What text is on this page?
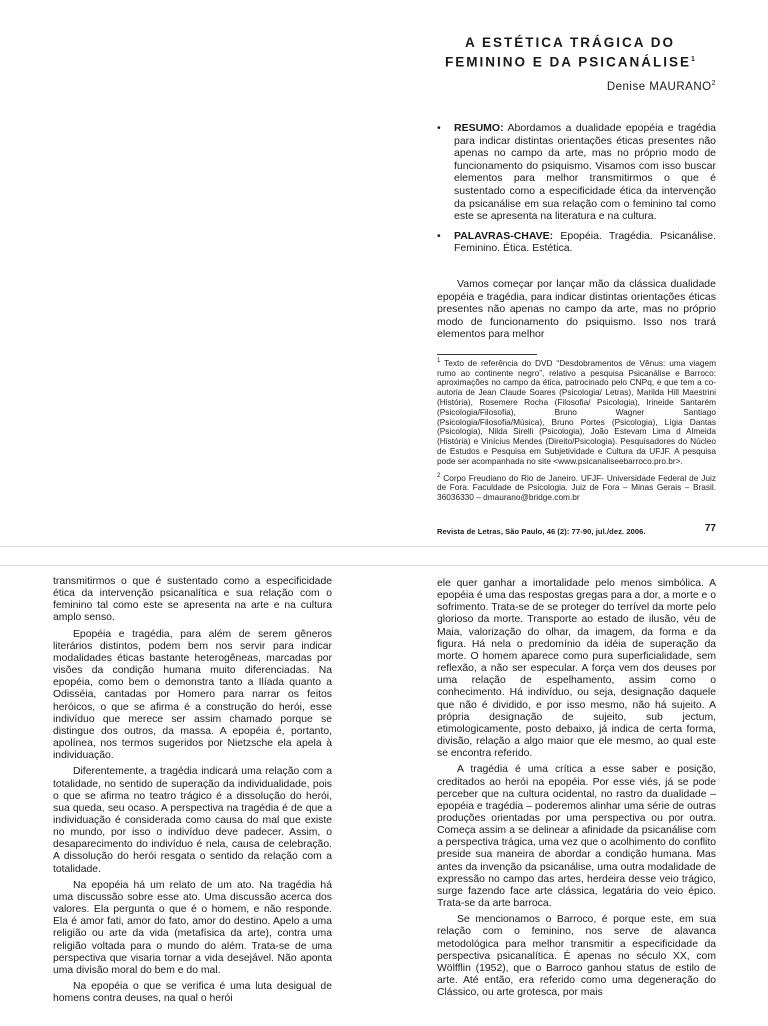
A ESTÉTICA TRÁGICA DO
FEMININO E DA PSICANÁLISE$^1$
Denise MAURANO$^2$

• RESUMO: Abordamos a dualidade epopéia e tragédia para indicar distintas orientações éticas presentes não apenas no campo da arte, mas no próprio modo de funcionamento do psiquismo. Visamos com isso buscar elementos para melhor transmitirmos o que é sustentado como a especificidade ética da intervenção da psicanálise em sua relação com o feminino tal como este se apresenta na literatura e na cultura.

• PALAVRAS-CHAVE: Epopéia. Tragédia. Psicanálise. Feminino. Ética. Estética.

Vamos começar por lançar mão da clássica dualidade epopéia e tragédia, para indicar distintas orientações éticas presentes não apenas no campo da arte, mas no próprio modo de funcionamento do psiquismo. Isso nos trará elementos para melhor

$^1$ Texto de referência do DVD “Desdobramentos de Vênus: uma viagem rumo ao continente negro”, relativo a pesquisa Psicanálise e Barroco: aproximações no campo da ética, patrocinado pelo CNPq, e que tem a co-autoria de Jean Claude Soares (Psicologia/ Letras), Marilda Hill Maestrini (História), Rosemere Rocha (Filosofia/ Psicologia), Irineide Santarém (Psicologia/Filosofia), Bruno Wagner Santiago (Psicologia/Filosofia/Música), Bruno Portes (Psicologia), Lígia Dantas (Psicologia), Nilda Sirelli (Psicologia), João Estevam Lima d Almeida (História) e Vinícius Mendes (Direito/Psicologia). Pesquisadores do Núcleo de Estudos e Pesquisa em Subjetividade e Cultura da UFJF. A pesquisa pode ser acompanhada no site <www.psicanaliseebarroco.pro.br>.

$^2$ Corpo Freudiano do Rio de Janeiro. UFJF- Universidade Federal de Juiz de Fora. Faculdade de Psicologia. Juiz de Fora – Minas Gerais – Brasil. 36036330 – dmaurano@bridge.com.br

Revista de Letras, São Paulo, 46 (2): 77-90, jul./dez. 2006.	77

transmitirmos o que é sustentado como a especificidade ética da intervenção psicanalítica e sua relação com o feminino tal como este se apresenta na arte e na cultura amplo senso.

Epopéia e tragédia, para além de serem gêneros literários distintos, podem bem nos servir para indicar modalidades éticas bastante heterogêneas, marcadas por visões da condição humana muito diferenciadas. Na epopéia, como bem o demonstra tanto a Ilíada quanto a Odisséia, cantadas por Homero para narrar os feitos heróicos, o que se afirma é a construção do herói, esse indivíduo que merece ser assim chamado porque se distingue dos outros, da massa. A epopéia é, portanto, apolínea, nos termos sugeridos por Nietzsche ela apela à individuação.

Diferentemente, a tragédia indicará uma relação com a totalidade, no sentido de superação da individualidade, pois o que se afirma no teatro trágico é a dissolução do herói, sua queda, seu ocaso. A perspectiva na tragédia é de que a individuação é considerada como causa do mal que existe no mundo, por isso o indivíduo deve padecer. Assim, o desaparecimento do indivíduo é nela, causa de celebração. A dissolução do herói resgata o sentido da relação com a totalidade.

Na epopéia há um relato de um ato. Na tragédia há uma discussão sobre esse ato. Uma discussão acerca dos valores. Ela pergunta o que é o homem, e não responde. Ela é amor fati, amor do fato, amor do destino. Apelo a uma religião ou arte da vida (metafísica da arte), contra uma religião voltada para o mundo do além. Trata-se de uma perspectiva que visaria tornar a vida desejável. Não aponta uma divisão moral do bem e do mal.

Na epopéia o que se verifica é uma luta desigual de homens contra deuses, na qual o herói

ele quer ganhar a imortalidade pelo menos simbólica. A epopéia é uma das respostas gregas para a dor, a morte e o sofrimento. Trata-se de se proteger do terrível da morte pelo glorioso da morte. Transporte ao estado de ilusão, véu de Maia, valorização do olhar, da imagem, da forma e da figura. Há nela o predomínio da idéia de superação da morte. O homem aparece como pura superficialidade, sem reflexão, a não ser especular. A força vem dos deuses por uma relação de espelhamento, assim como o conhecimento. Há indivíduo, ou seja, designação daquele que não é dividido, e por isso mesmo, não há sujeito. A própria designação de sujeito, sub jectum, etimologicamente, posto debaixo, já indica de certa forma, divisão, relação a algo maior que ele mesmo, ao qual este se encontra referido.

A tragédia é uma crítica a esse saber e posição, creditados ao herói na epopéia. Por esse viés, já se pode perceber que na cultura ocidental, no rastro da dualidade – epopéia e tragédia – poderemos alinhar uma série de outras produções orientadas por uma perspectiva ou por outra. Começa assim a se delinear a afinidade da psicanálise com a perspectiva trágica, uma vez que o acolhimento do conflito preside sua maneira de abordar a condição humana. Mas antes da invenção da psicanálise, uma outra modalidade de expressão no campo das artes, herdeira desse veio trágico, surge fazendo face arte clássica, legatária do veio épico. Trata-se da arte barroca.

Se mencionamos o Barroco, é porque este, em sua relação com o feminino, nos serve de alavanca metodológica para melhor transmitir a especificidade da perspectiva psicanalítica. É apenas no século XX, com Wölfflin (1952), que o Barroco ganhou status de estilo de arte. Até então, era referido como uma degeneração do Clássico, ou arte grotesca, por mais
